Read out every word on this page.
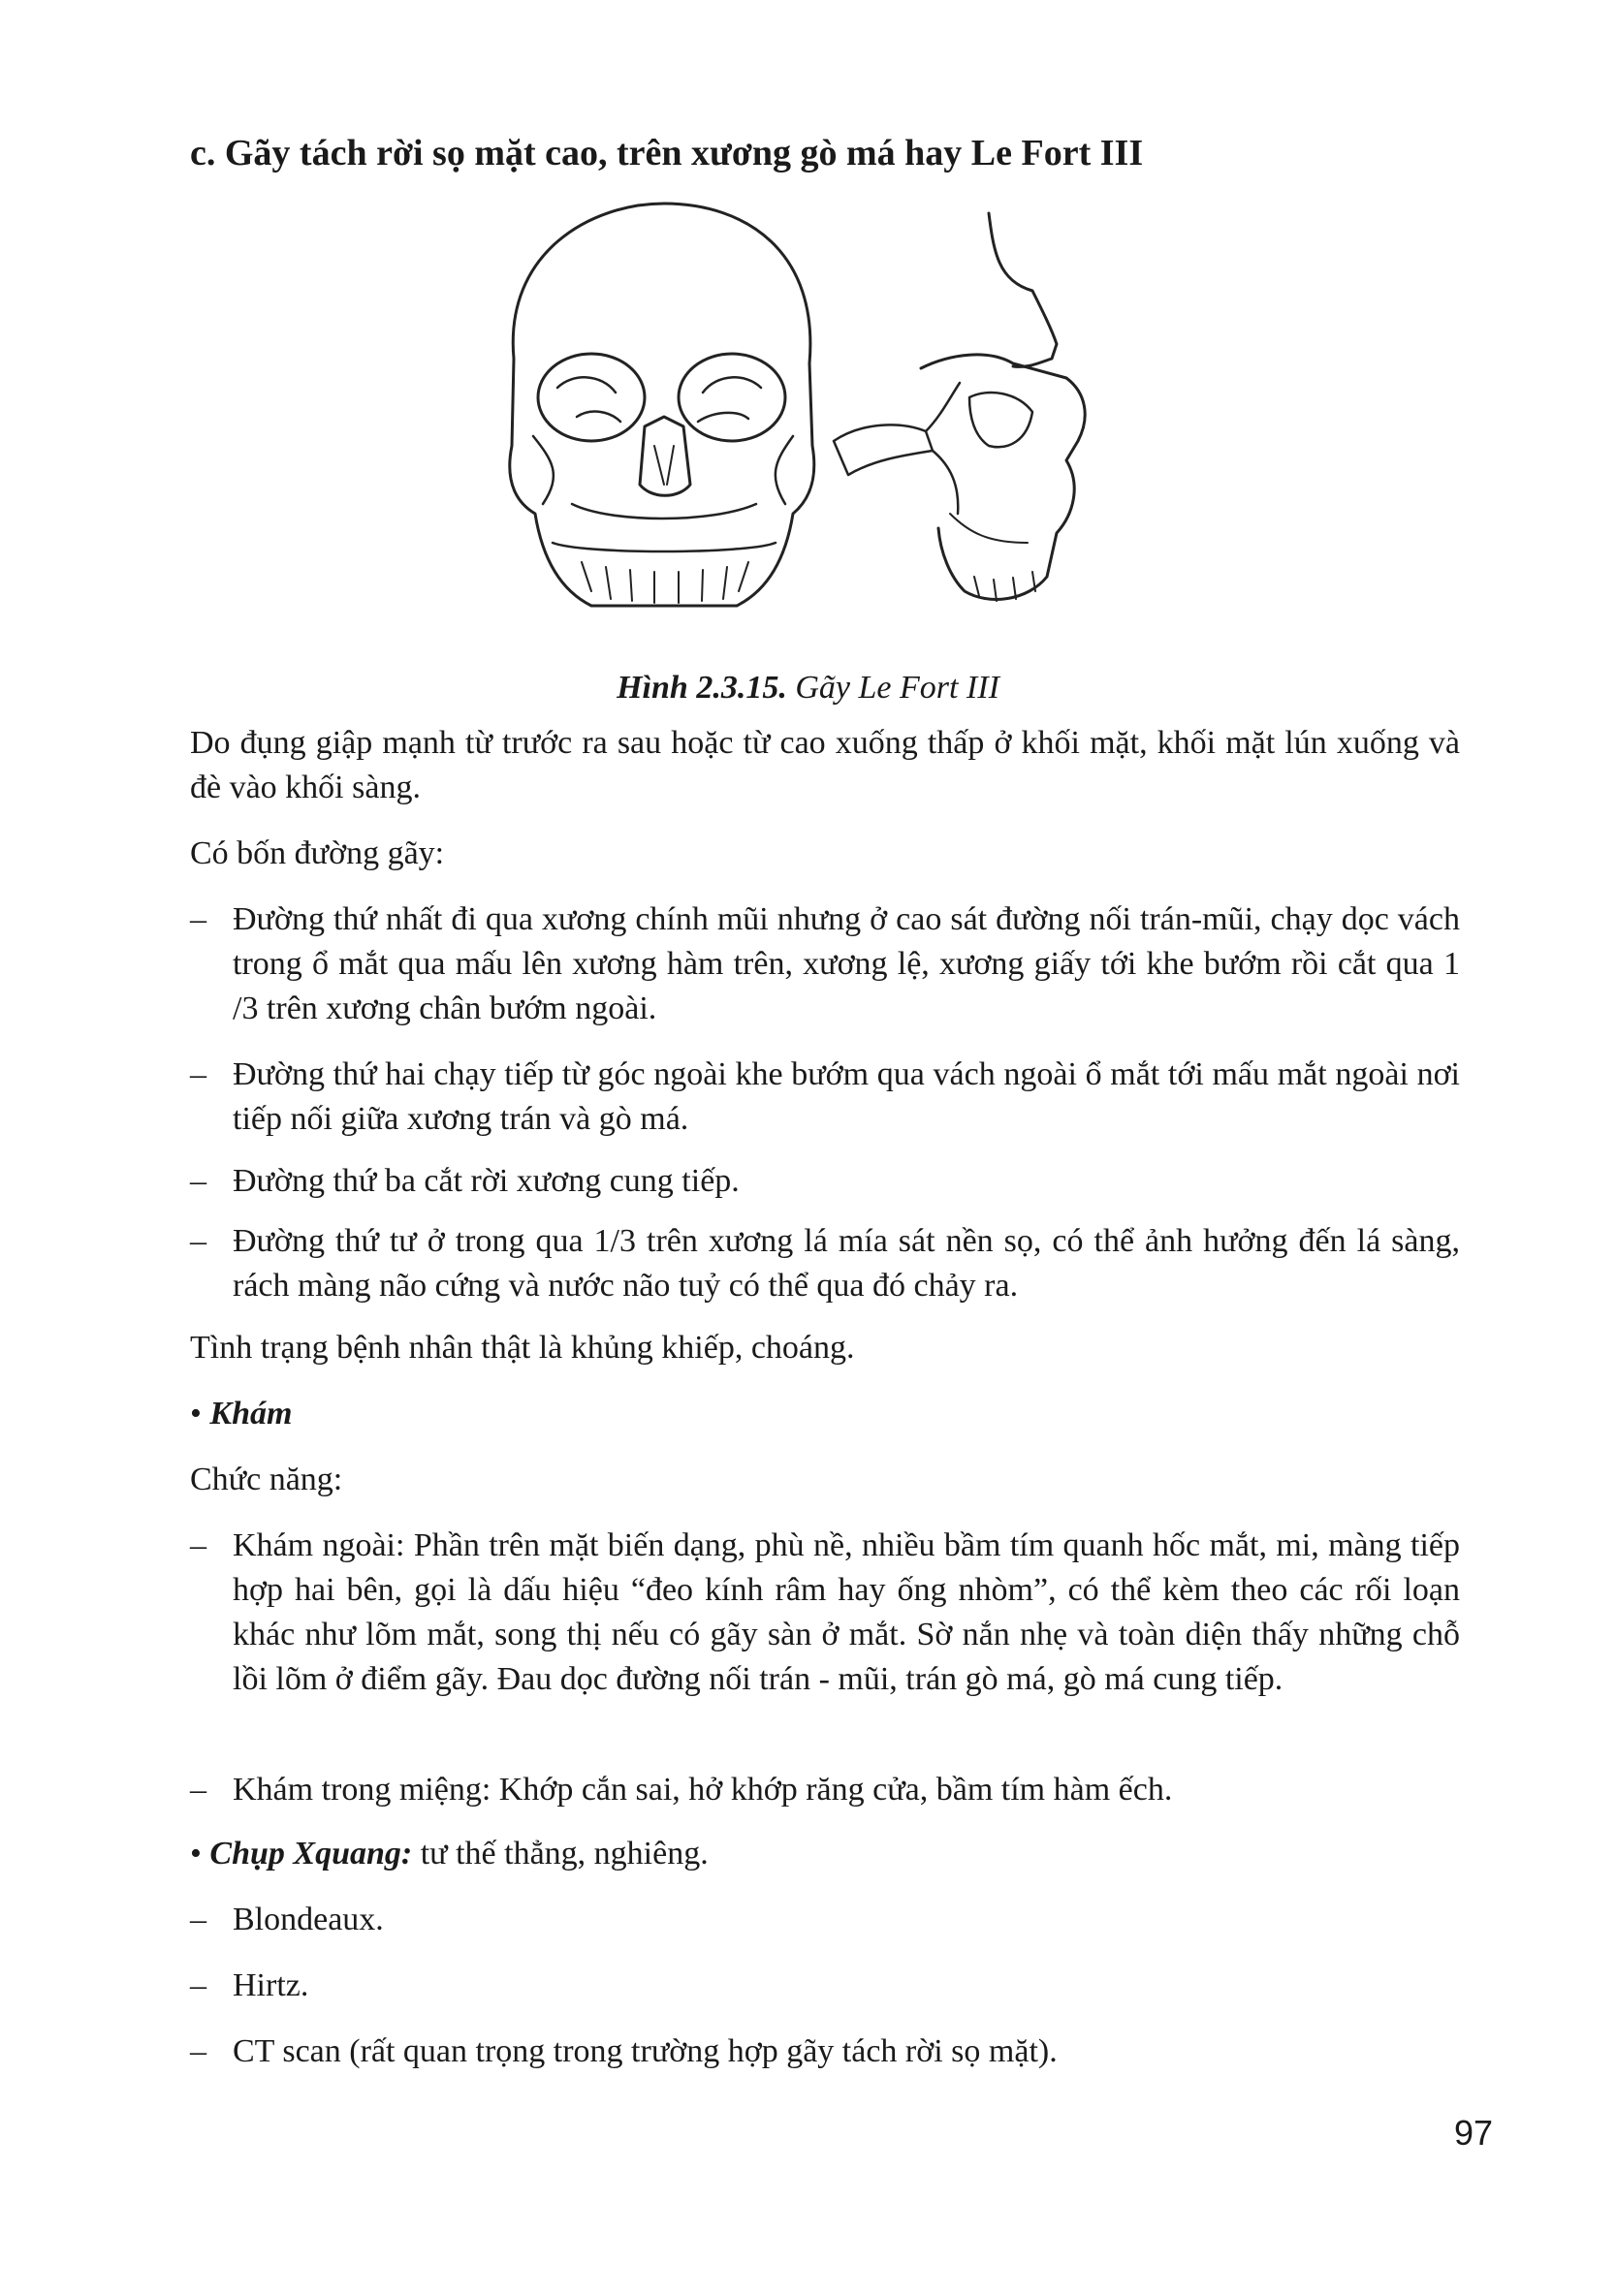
c. Gãy tách rời sọ mặt cao, trên xương gò má hay Le Fort III
Hình 2.3.15. Gãy Le Fort III
Do đụng giập mạnh từ trước ra sau hoặc từ cao xuống thấp ở khối mặt, khối mặt lún xuống và đè vào khối sàng.
Có bốn đường gãy:
– Đường thứ nhất đi qua xương chính mũi nhưng ở cao sát đường nối trán-mũi, chạy dọc vách trong ổ mắt qua mấu lên xương hàm trên, xương lệ, xương giấy tới khe bướm rồi cắt qua 1 /3 trên xương chân bướm ngoài.
– Đường thứ hai chạy tiếp từ góc ngoài khe bướm qua vách ngoài ổ mắt tới mấu mắt ngoài nơi tiếp nối giữa xương trán và gò má.
– Đường thứ ba cắt rời xương cung tiếp.
– Đường thứ tư ở trong qua 1/3 trên xương lá mía sát nền sọ, có thể ảnh hưởng đến lá sàng, rách màng não cứng và nước não tuỷ có thể qua đó chảy ra.
Tình trạng bệnh nhân thật là khủng khiếp, choáng.
• Khám
Chức năng:
– Khám ngoài: Phần trên mặt biến dạng, phù nề, nhiều bầm tím quanh hốc mắt, mi, màng tiếp hợp hai bên, gọi là dấu hiệu “đeo kính râm hay ống nhòm”, có thể kèm theo các rối loạn khác như lõm mắt, song thị nếu có gãy sàn ở mắt. Sờ nắn nhẹ và toàn diện thấy những chỗ lồi lõm ở điểm gãy. Đau dọc đường nối trán - mũi, trán gò má, gò má cung tiếp.
– Khám trong miệng: Khớp cắn sai, hở khớp răng cửa, bầm tím hàm ếch.
• Chụp Xquang: tư thế thẳng, nghiêng.
– Blondeaux.
– Hirtz.
– CT scan (rất quan trọng trong trường hợp gãy tách rời sọ mặt).
97
